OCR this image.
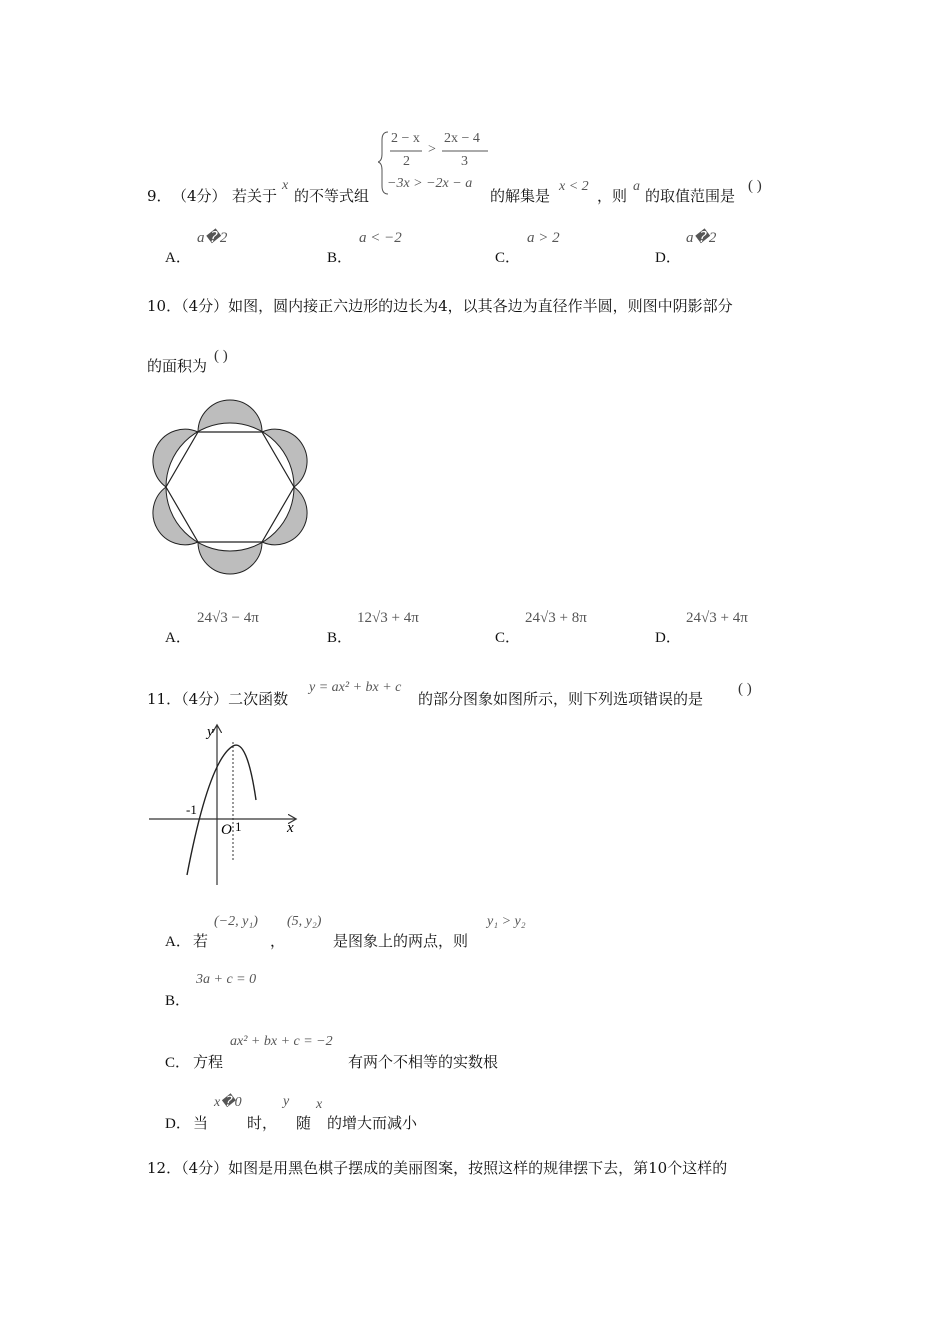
9． （4分） 若关于
x
的不等式组
2 − x
2
>
2x − 4
3
−3x > −2x − a
的解集是
x < 2
，则
a
的取值范围是
( )
A．
a�2
B．
a < −2
C．
a > 2
D．
a�2
10．（4分）如图，圆内接正六边形的边长为4，以其各边为直径作半圆，则图中阴影部分
的面积为
( )
A．
24√3 − 4π
B．
12√3 + 4π
C．
24√3 + 8π
D．
24√3 + 4π
11．（4分）二次函数
y = ax² + bx + c
的部分图象如图所示，则下列选项错误的是
( )
y
x
O
-1
1
A． 若
(−2, y₁)
，
(5, y₂)
是图象上的两点，则
y₁ > y₂
B．
3a + c = 0
C． 方程
ax² + bx + c = −2
有两个不相等的实数根
D． 当
x�0
时，
y
随
x
的增大而减小
12．（4分）如图是用黑色棋子摆成的美丽图案，按照这样的规律摆下去，第10个这样的
